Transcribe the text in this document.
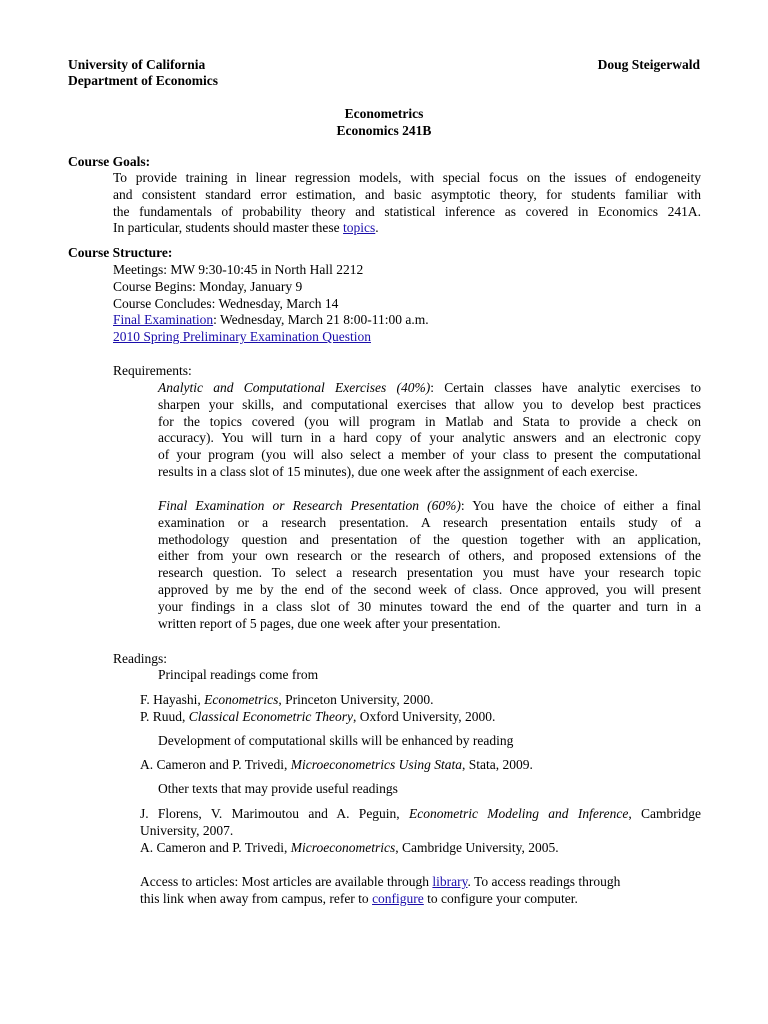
University of California
Department of Economics
Doug Steigerwald
Econometrics
Economics 241B
Course Goals:

To provide training in linear regression models, with special focus on the issues of endogeneity

and consistent standard error estimation, and basic asymptotic theory, for students familiar with

the fundamentals of probability theory and statistical inference as covered in Economics 241A.

In particular, students should master these topics.

Course Structure:

Meetings: MW 9:30-10:45 in North Hall 2212

Course Begins: Monday, January 9

Course Concludes: Wednesday, March 14

Final Examination: Wednesday, March 21 8:00-11:00 a.m.

2010 Spring Preliminary Examination Question

Requirements:

Analytic and Computational Exercises (40%): Certain classes have analytic exercises to

sharpen your skills, and computational exercises that allow you to develop best practices

for the topics covered (you will program in Matlab and Stata to provide a check on

accuracy). You will turn in a hard copy of your analytic answers and an electronic copy

of your program (you will also select a member of your class to present the computational

results in a class slot of 15 minutes), due one week after the assignment of each exercise.

Final Examination or Research Presentation (60%): You have the choice of either a final

examination or a research presentation. A research presentation entails study of a

methodology question and presentation of the question together with an application,

either from your own research or the research of others, and proposed extensions of the

research question. To select a research presentation you must have your research topic

approved by me by the end of the second week of class. Once approved, you will present

your findings in a class slot of 30 minutes toward the end of the quarter and turn in a

written report of 5 pages, due one week after your presentation.

Readings:
Principal readings come from
F. Hayashi, Econometrics, Princeton University, 2000.
P. Ruud, Classical Econometric Theory, Oxford University, 2000.
Development of computational skills will be enhanced by reading
A. Cameron and P. Trivedi, Microeconometrics Using Stata, Stata, 2009.
Other texts that may provide useful readings

J. Florens, V. Marimoutou and A. Peguin, Econometric Modeling and Inference, Cambridge

University, 2007.

A. Cameron and P. Trivedi, Microeconometrics, Cambridge University, 2005.

Access to articles: Most articles are available through library. To access readings through

this link when away from campus, refer to configure to configure your computer.
